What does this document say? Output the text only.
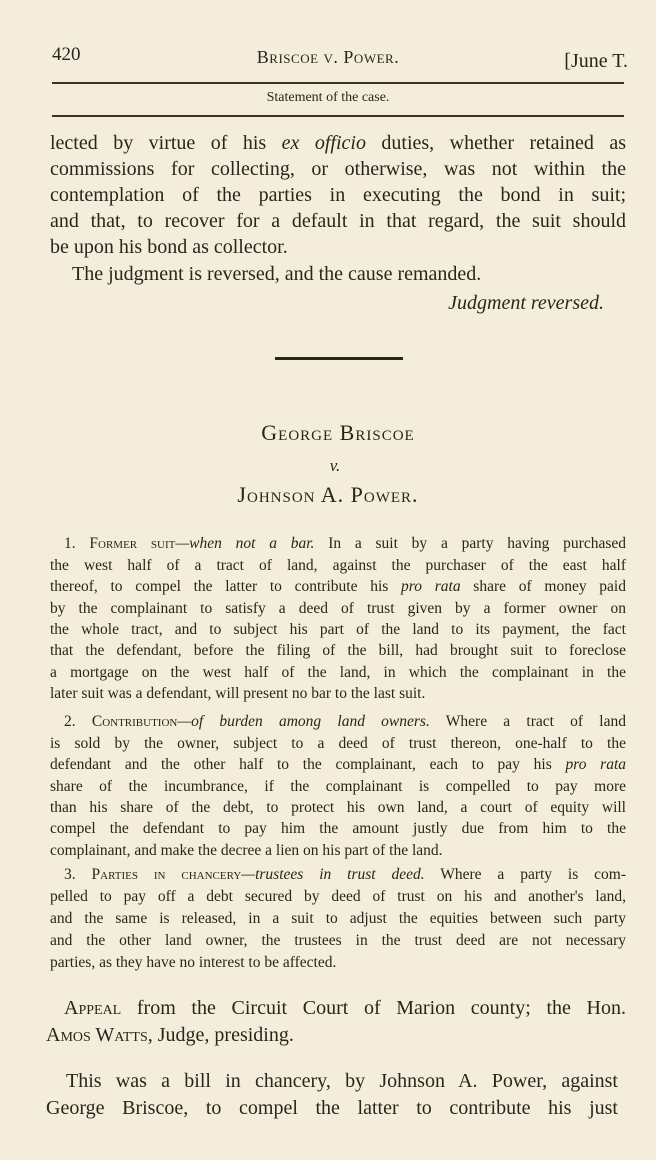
420	Briscoe v. Power.	[June T.
Statement of the case.
lected by virtue of his ex officio duties, whether retained as
commissions for collecting, or otherwise, was not within the
contemplation of the parties in executing the bond in suit;
and that, to recover for a default in that regard, the suit should
be upon his bond as collector.
The judgment is reversed, and the cause remanded.
Judgment reversed.
George Briscoe
v.
Johnson A. Power.
1. Former suit—when not a bar. In a suit by a party having purchased
the west half of a tract of land, against the purchaser of the east half
thereof, to compel the latter to contribute his pro rata share of money paid
by the complainant to satisfy a deed of trust given by a former owner on
the whole tract, and to subject his part of the land to its payment, the fact
that the defendant, before the filing of the bill, had brought suit to foreclose
a mortgage on the west half of the land, in which the complainant in the
later suit was a defendant, will present no bar to the last suit.
2. Contribution—of burden among land owners. Where a tract of land
is sold by the owner, subject to a deed of trust thereon, one-half to the
defendant and the other half to the complainant, each to pay his pro rata
share of the incumbrance, if the complainant is compelled to pay more
than his share of the debt, to protect his own land, a court of equity will
compel the defendant to pay him the amount justly due from him to the
complainant, and make the decree a lien on his part of the land.
3. Parties in chancery—trustees in trust deed. Where a party is com-
pelled to pay off a debt secured by deed of trust on his and another's land,
and the same is released, in a suit to adjust the equities between such party
and the other land owner, the trustees in the trust deed are not necessary
parties, as they have no interest to be affected.
Appeal from the Circuit Court of Marion county; the Hon.
Amos Watts, Judge, presiding.
This was a bill in chancery, by Johnson A. Power, against
George Briscoe, to compel the latter to contribute his just
